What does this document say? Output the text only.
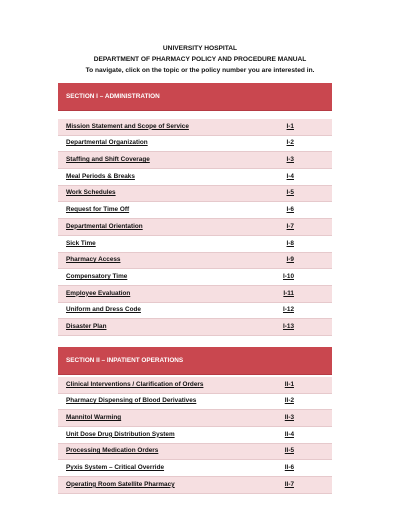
UNIVERSITY HOSPITAL
DEPARTMENT OF PHARMACY POLICY AND PROCEDURE MANUAL
To navigate, click on the topic or the policy number you are interested in.
SECTION I – ADMINISTRATION
Mission Statement and Scope of Service	I-1
Departmental Organization	I-2
Staffing and Shift Coverage	I-3
Meal Periods & Breaks	I-4
Work Schedules	I-5
Request for Time Off	I-6
Departmental Orientation	I-7
Sick Time	I-8
Pharmacy Access	I-9
Compensatory Time	I-10
Employee Evaluation	I-11
Uniform and Dress Code	I-12
Disaster Plan	I-13
SECTION II – INPATIENT OPERATIONS
Clinical Interventions / Clarification of Orders	II-1
Pharmacy Dispensing of Blood Derivatives	II-2
Mannitol Warming	II-3
Unit Dose Drug Distribution System	II-4
Processing Medication Orders	II-5
Pyxis System – Critical Override	II-6
Operating Room Satellite Pharmacy	II-7
